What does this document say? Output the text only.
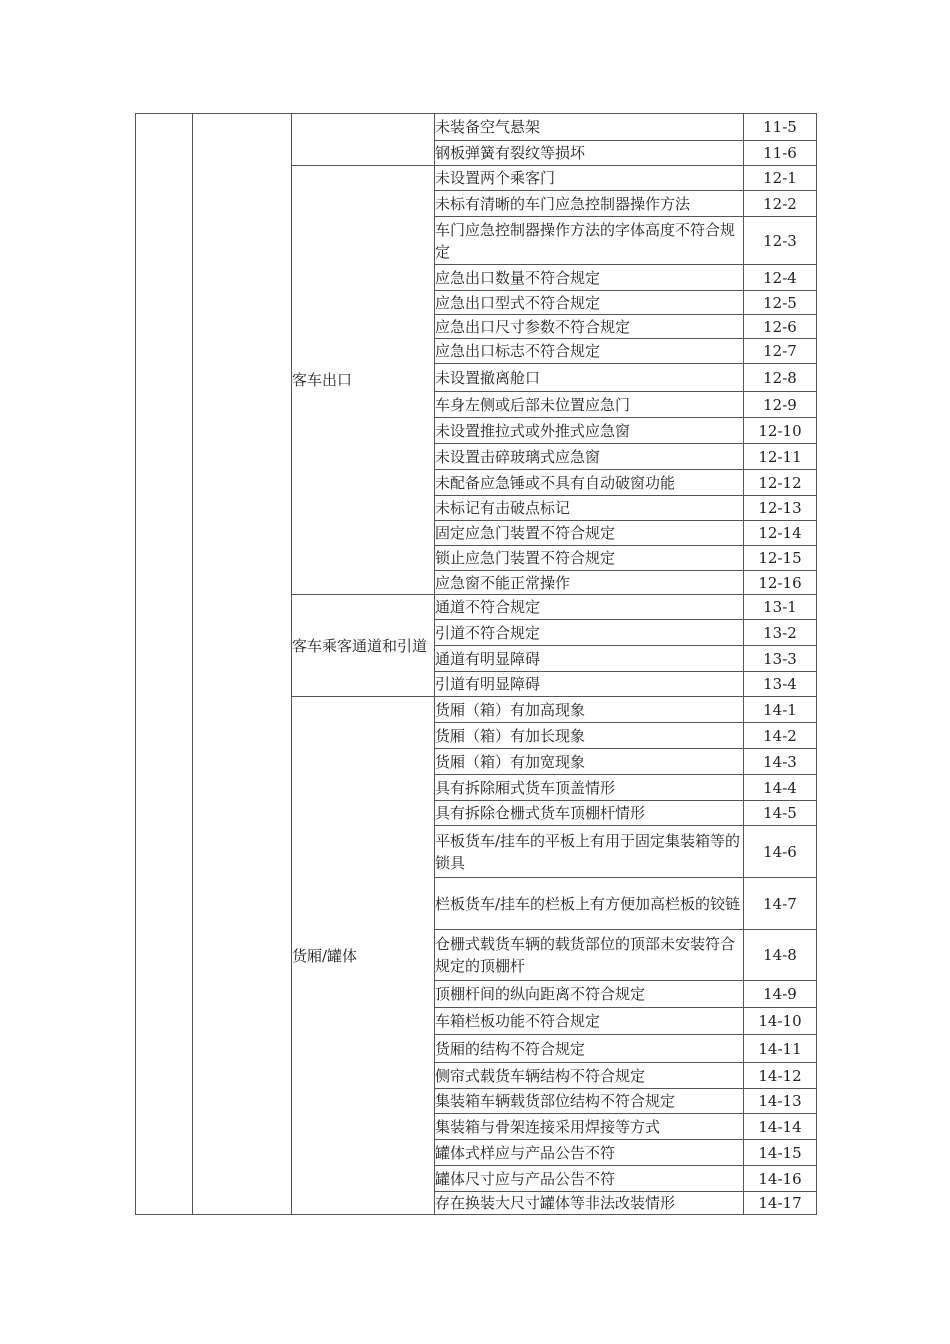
			未装备空气悬架	11-5
			钢板弹簧有裂纹等损坏	11-6
		客车出口	未设置两个乘客门	12-1
			未标有清晰的车门应急控制器操作方法	12-2
			车门应急控制器操作方法的字体高度不符合规定	12-3
			应急出口数量不符合规定	12-4
			应急出口型式不符合规定	12-5
			应急出口尺寸参数不符合规定	12-6
			应急出口标志不符合规定	12-7
			未设置撤离舱口	12-8
			车身左侧或后部未位置应急门	12-9
			未设置推拉式或外推式应急窗	12-10
			未设置击碎玻璃式应急窗	12-11
			未配备应急锤或不具有自动破窗功能	12-12
			未标记有击破点标记	12-13
			固定应急门装置不符合规定	12-14
			锁止应急门装置不符合规定	12-15
			应急窗不能正常操作	12-16
		客车乘客通道和引道	通道不符合规定	13-1
			引道不符合规定	13-2
			通道有明显障碍	13-3
			引道有明显障碍	13-4
		货厢/罐体	货厢（箱）有加高现象	14-1
			货厢（箱）有加长现象	14-2
			货厢（箱）有加宽现象	14-3
			具有拆除厢式货车顶盖情形	14-4
			具有拆除仓栅式货车顶棚杆情形	14-5
			平板货车/挂车的平板上有用于固定集装箱等的锁具	14-6
			栏板货车/挂车的栏板上有方便加高栏板的铰链	14-7
			仓栅式载货车辆的载货部位的顶部未安装符合规定的顶棚杆	14-8
			顶棚杆间的纵向距离不符合规定	14-9
			车箱栏板功能不符合规定	14-10
			货厢的结构不符合规定	14-11
			侧帘式载货车辆结构不符合规定	14-12
			集装箱车辆载货部位结构不符合规定	14-13
			集装箱与骨架连接采用焊接等方式	14-14
			罐体式样应与产品公告不符	14-15
			罐体尺寸应与产品公告不符	14-16
			存在换装大尺寸罐体等非法改装情形	14-17
